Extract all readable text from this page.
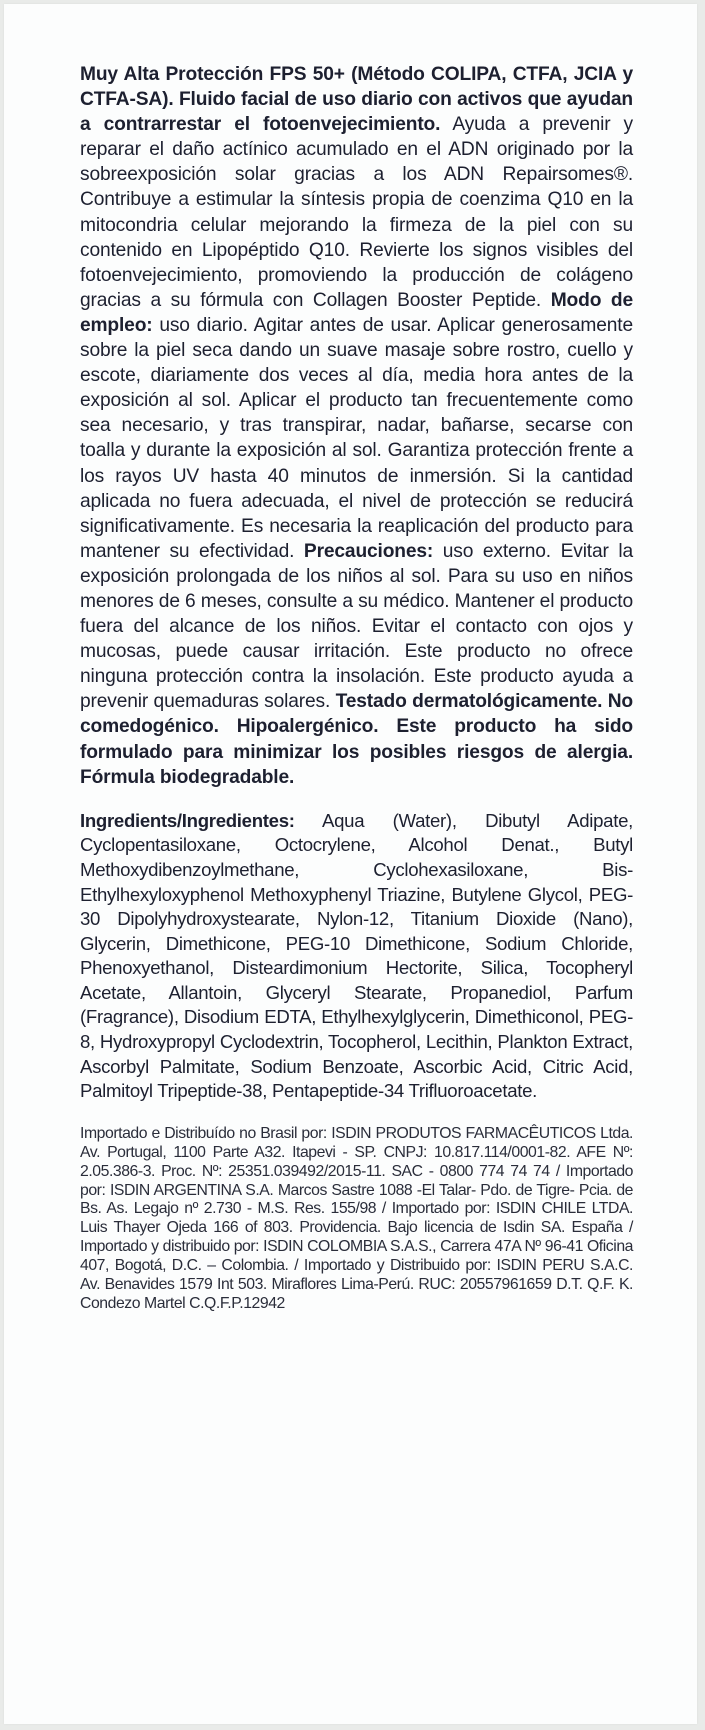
Muy Alta Protección FPS 50+ (Método COLIPA, CTFA, JCIA y CTFA-SA). Fluido facial de uso diario con activos que ayudan a contrarrestar el fotoenvejecimiento. Ayuda a prevenir y reparar el daño actínico acumulado en el ADN originado por la sobreexposición solar gracias a los ADN Repairsomes®. Contribuye a estimular la síntesis propia de coenzima Q10 en la mitocondria celular mejorando la firmeza de la piel con su contenido en Lipopéptido Q10. Revierte los signos visibles del fotoenvejecimiento, promoviendo la producción de colágeno gracias a su fórmula con Collagen Booster Peptide. Modo de empleo: uso diario. Agitar antes de usar. Aplicar generosamente sobre la piel seca dando un suave masaje sobre rostro, cuello y escote, diariamente dos veces al día, media hora antes de la exposición al sol. Aplicar el producto tan frecuentemente como sea necesario, y tras transpirar, nadar, bañarse, secarse con toalla y durante la exposición al sol. Garantiza protección frente a los rayos UV hasta 40 minutos de inmersión. Si la cantidad aplicada no fuera adecuada, el nivel de protección se reducirá significativamente. Es necesaria la reaplicación del producto para mantener su efectividad. Precauciones: uso externo. Evitar la exposición prolongada de los niños al sol. Para su uso en niños menores de 6 meses, consulte a su médico. Mantener el producto fuera del alcance de los niños. Evitar el contacto con ojos y mucosas, puede causar irritación. Este producto no ofrece ninguna protección contra la insolación. Este producto ayuda a prevenir quemaduras solares. Testado dermatológicamente. No comedogénico. Hipoalergénico. Este producto ha sido formulado para minimizar los posibles riesgos de alergia. Fórmula biodegradable.

Ingredients/Ingredientes: Aqua (Water), Dibutyl Adipate, Cyclopentasiloxane, Octocrylene, Alcohol Denat., Butyl Methoxydibenzoylmethane, Cyclohexasiloxane, Bis-Ethylhexyloxyphenol Methoxyphenyl Triazine, Butylene Glycol, PEG-30 Dipolyhydroxystearate, Nylon-12, Titanium Dioxide (Nano), Glycerin, Dimethicone, PEG-10 Dimethicone, Sodium Chloride, Phenoxyethanol, Disteardimonium Hectorite, Silica, Tocopheryl Acetate, Allantoin, Glyceryl Stearate, Propanediol, Parfum (Fragrance), Disodium EDTA, Ethylhexylglycerin, Dimethiconol, PEG-8, Hydroxypropyl Cyclodextrin, Tocopherol, Lecithin, Plankton Extract, Ascorbyl Palmitate, Sodium Benzoate, Ascorbic Acid, Citric Acid, Palmitoyl Tripeptide-38, Pentapeptide-34 Trifluoroacetate.

Importado e Distribuído no Brasil por: ISDIN PRODUTOS FARMACÊUTICOS Ltda. Av. Portugal, 1100 Parte A32. Itapevi - SP. CNPJ: 10.817.114/0001-82. AFE Nº: 2.05.386-3. Proc. Nº: 25351.039492/2015-11. SAC - 0800 774 74 74 / Importado por: ISDIN ARGENTINA S.A. Marcos Sastre 1088 -El Talar- Pdo. de Tigre- Pcia. de Bs. As. Legajo nº 2.730 - M.S. Res. 155/98 / Importado por: ISDIN CHILE LTDA. Luis Thayer Ojeda 166 of 803. Providencia. Bajo licencia de Isdin SA. España / Importado y distribuido por: ISDIN COLOMBIA S.A.S., Carrera 47A Nº 96-41 Oficina 407, Bogotá, D.C. – Colombia. / Importado y Distribuido por: ISDIN PERU S.A.C. Av. Benavides 1579 Int 503. Miraflores Lima-Perú. RUC: 20557961659 D.T. Q.F. K. Condezo Martel C.Q.F.P.12942
